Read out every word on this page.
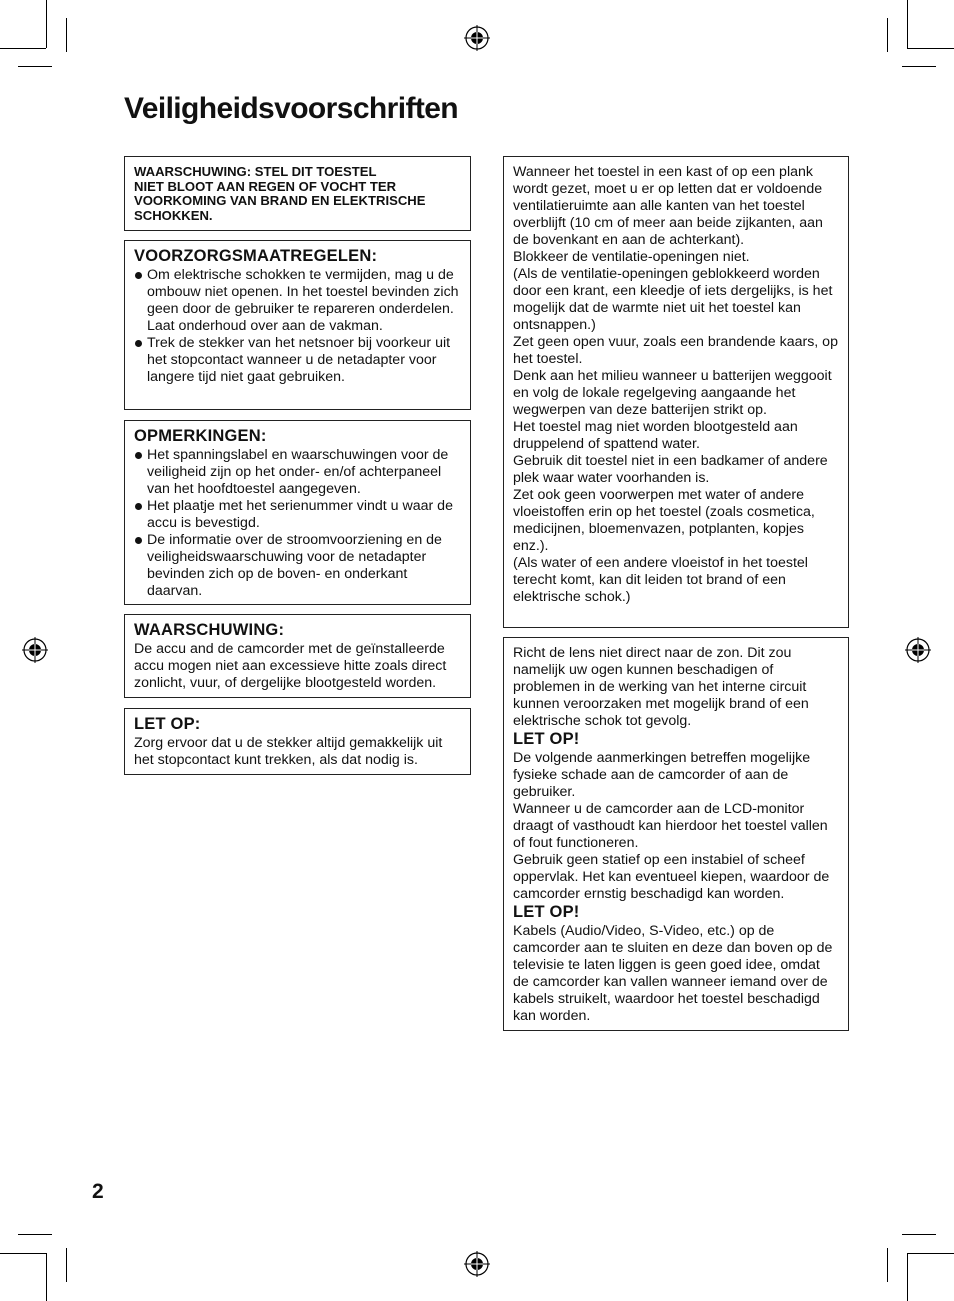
Veiligheidsvoorschriften
WAARSCHUWING: STEL DIT TOESTEL
NIET BLOOT AAN REGEN OF VOCHT TER
VOORKOMING VAN BRAND EN ELEKTRISCHE
SCHOKKEN.
VOORZORGSMAATREGELEN:
Om elektrische schokken te vermijden, mag u de ombouw niet openen. In het toestel bevinden zich geen door de gebruiker te repareren onderdelen. Laat onderhoud over aan de vakman.
Trek de stekker van het netsnoer bij voorkeur uit het stopcontact wanneer u de netadapter voor langere tijd niet gaat gebruiken.
OPMERKINGEN:
Het spanningslabel en waarschuwingen voor de veiligheid zijn op het onder- en/of achterpaneel van het hoofdtoestel aangegeven.
Het plaatje met het serienummer vindt u waar de accu is bevestigd.
De informatie over de stroomvoorziening en de veiligheidswaarschuwing voor de netadapter bevinden zich op de boven- en onderkant daarvan.
WAARSCHUWING:

De accu and de camcorder met de geïnstalleerde accu mogen niet aan excessieve hitte zoals direct zonlicht, vuur, of dergelijke blootgesteld worden.

LET OP:

Zorg ervoor dat u de stekker altijd gemakkelijk uit het stopcontact kunt trekken, als dat nodig is.

Wanneer het toestel in een kast of op een plank wordt gezet, moet u er op letten dat er voldoende ventilatieruimte aan alle kanten van het toestel overblijft (10 cm of meer aan beide zijkanten, aan de bovenkant en aan de achterkant).

Blokkeer de ventilatie-openingen niet.

(Als de ventilatie-openingen geblokkeerd worden door een krant, een kleedje of iets dergelijks, is het mogelijk dat de warmte niet uit het toestel kan ontsnappen.)

Zet geen open vuur, zoals een brandende kaars, op het toestel.

Denk aan het milieu wanneer u batterijen weggooit en volg de lokale regelgeving aangaande het wegwerpen van deze batterijen strikt op.

Het toestel mag niet worden blootgesteld aan druppelend of spattend water.

Gebruik dit toestel niet in een badkamer of andere plek waar water voorhanden is.

Zet ook geen voorwerpen met water of andere vloeistoffen erin op het toestel (zoals cosmetica, medicijnen, bloemenvazen, potplanten, kopjes enz.).

(Als water of een andere vloeistof in het toestel terecht komt, kan dit leiden tot brand of een elektrische schok.)

Richt de lens niet direct naar de zon. Dit zou namelijk uw ogen kunnen beschadigen of problemen in de werking van het interne circuit kunnen veroorzaken met mogelijk brand of een elektrische schok tot gevolg.

LET OP!

De volgende aanmerkingen betreffen mogelijke fysieke schade aan de camcorder of aan de gebruiker.

Wanneer u de camcorder aan de LCD-monitor draagt of vasthoudt kan hierdoor het toestel vallen of fout functioneren.

Gebruik geen statief op een instabiel of scheef oppervlak. Het kan eventueel kiepen, waardoor de camcorder ernstig beschadigd kan worden.

LET OP!

Kabels (Audio/Video, S-Video, etc.) op de camcorder aan te sluiten en deze dan boven op de televisie te laten liggen is geen goed idee, omdat de camcorder kan vallen wanneer iemand over de kabels struikelt, waardoor het toestel beschadigd kan worden.

2
